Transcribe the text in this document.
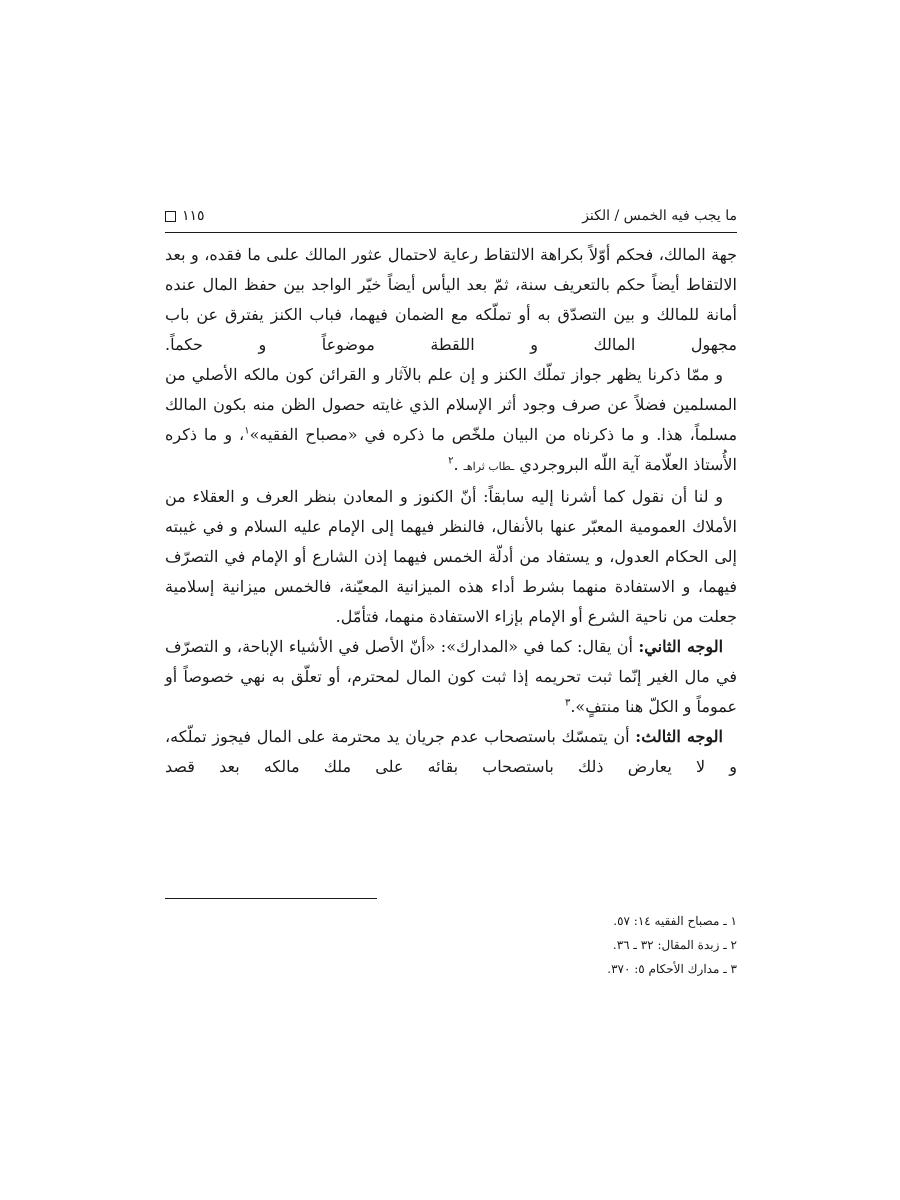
ما يجب فيه الخمس / الكنز
١١٥

جهة المالك، فحكم أوّلاً بكراهة الالتقاط رعاية لاحتمال عثور المالك علىى ما فقده، و بعد الالتقاط أيضاً حكم بالتعريف سنة، ثمّ بعد اليأس أيضاً خيّر الواجد بين حفظ المال عنده أمانة للمالك و بين التصدّق به أو تملّكه مع الضمان فيهما، فباب الكنز يفترق عن باب مجهول المالك و اللقطة موضوعاً و حكماً.

و ممّا ذكرنا يظهر جواز تملّك الكنز و إن علم بالآثار و القرائن كون مالكه الأصلي من المسلمين فضلاً عن صرف وجود أثر الإسلام الذي غايته حصول الظن منه بكون المالك مسلماً، هذا. و ما ذكرناه من البيان ملخّص ما ذكره في «مصباح الفقيه»$^١$، و ما ذكره الأُستاذ العلّامة آية اللّه البروجردي ـطاب ثراهـ .$^٢$

و لنا أن نقول كما أشرنا إليه سابقاً: أنّ الكنوز و المعادن بنظر العرف و العقلاء من الأملاك العمومية المعبّر عنها بالأنفال، فالنظر فيهما إلى الإمام عليه السلام و في غيبته إلى الحكام العدول، و يستفاد من أدلّة الخمس فيهما إذن الشارع أو الإمام في التصرّف فيهما، و الاستفادة منهما بشرط أداء هذه الميزانية المعيّنة، فالخمس ميزانية إسلامية جعلت من ناحية الشرع أو الإمام بإزاء الاستفادة منهما، فتأمّل.

الوجه الثاني: أن يقال: كما في «المدارك»: «أنّ الأصل في الأشياء الإباحة، و التصرّف في مال الغير إنّما ثبت تحريمه إذا ثبت كون المال لمحترم، أو تعلّق به نهي خصوصاً أو عموماً و الكلّ هنا منتفٍ».$^٣$

الوجه الثالث: أن يتمسّك باستصحاب عدم جريان يد محترمة على المال فيجوز تملّكه، و لا يعارض ذلك باستصحاب بقائه على ملك مالكه بعد قصد

١ ـ مصباح الفقيه ١٤: ٥٧.

٢ ـ زبدة المقال: ٣٢ ـ ٣٦.

٣ ـ مدارك الأحكام ٥: ٣٧٠.
